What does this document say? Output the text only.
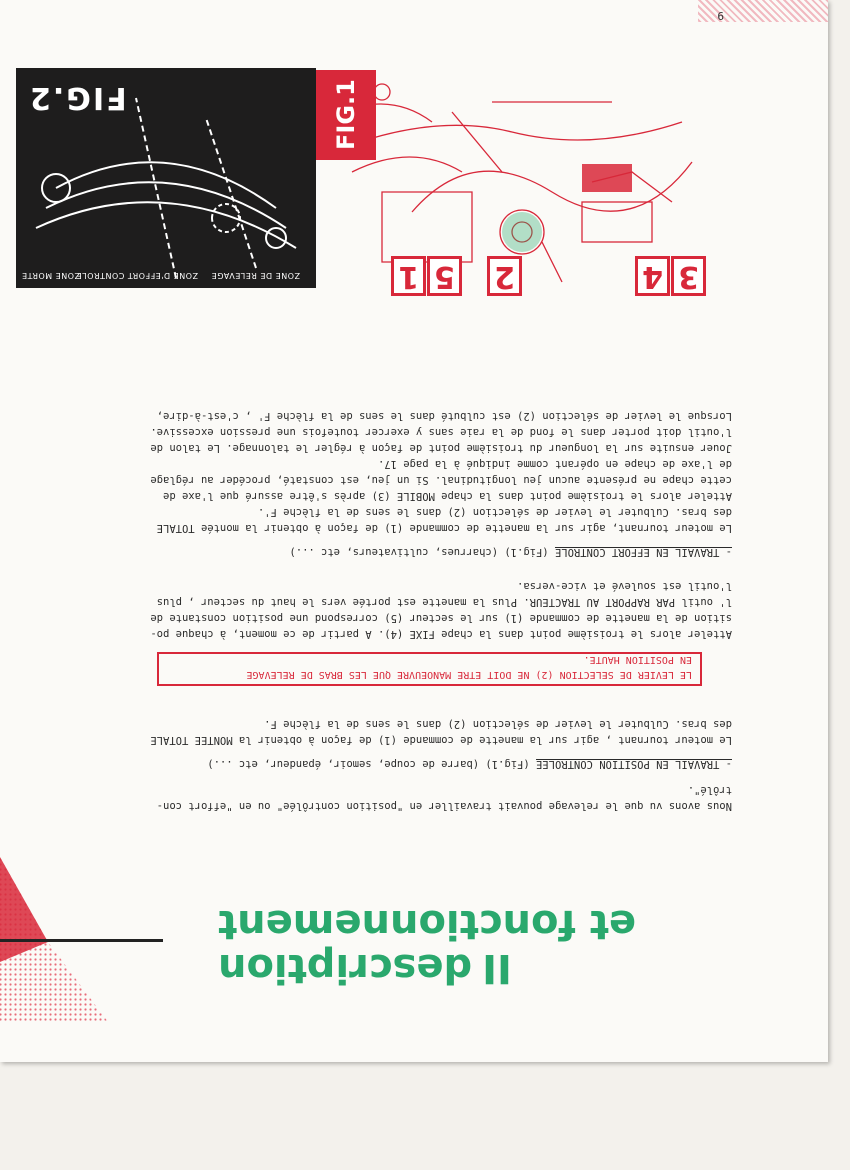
9
IIdescription
et fonctionnement

Nous avons vu que le relevage pouvait travailler en "position contrôlée" ou en "effort con-

trôlé".

- TRAVAIL EN POSITION CONTROLEE (Fig.1) (barre de coupe, semoir, épandeur, etc ...)

Le moteur tournant , agir sur la manette de commande (1) de façon à obtenir la MONTEE TOTALE

des bras. Culbuter le levier de sélection (2) dans le sens de la flèche F.

LE LEVIER DE SELECTION (2) NE DOIT ETRE MANOEUVRE QUE LES BRAS DE RELEVAGE
EN POSITION HAUTE.

Atteler alors le troisième point dans la chape FIXE (4). A partir de ce moment, à chaque po-

sition de la manette de commande (1) sur le secteur (5) correspond une position constante de

l' outil PAR RAPPORT AU TRACTEUR. Plus la manette est portée vers le haut du secteur , plus

l'outil est soulevé et vice-versa.

- TRAVAIL EN EFFORT CONTROLE (Fig.1) (charrues, cultivateurs, etc ...)

Le moteur tournant, agir sur la manette de commande (1) de façon à obtenir la montée TOTALE

des bras. Culbuter le levier de sélection (2) dans le sens de la flèche F'.

Atteler alors le troisième point dans la chape MOBILE (3) après s'être assuré que l'axe de

cette chape ne présente aucun jeu longitudinal. Si un jeu, est constaté, procéder au réglage

de l'axe de chape en opérant comme indiqué à la page 17.

Jouer ensuite sur la longueur du troisième point de façon à régler le talonnage. Le talon de

l'outil doit porter dans le fond de la raie sans y exercer toutefois une pression excessive.

Lorsque le levier de sélection (2) est culbuté dans le sens de la flèche F' , c'est-à-dire,

FIG.1
3
4
2
5
1
ZONE DE RELEVAGE
ZONE D'EFFORT CONTROLE
ZONE MORTE
FIG.2
